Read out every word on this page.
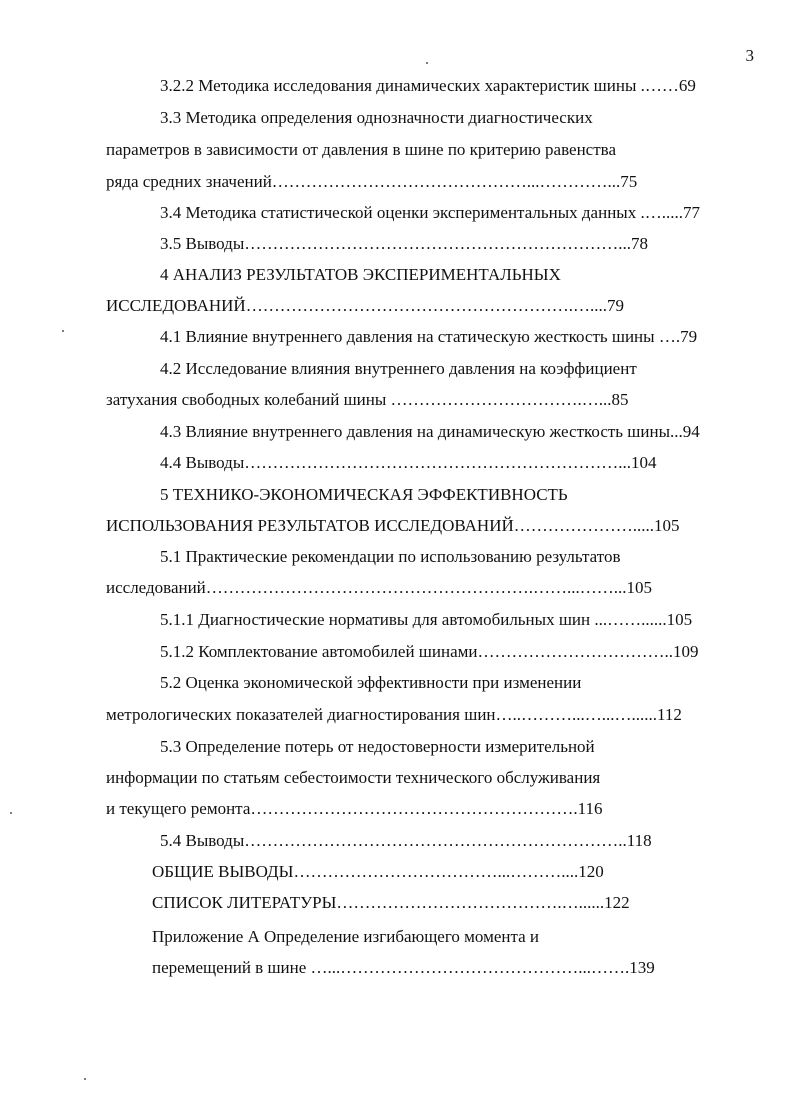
3
3.2.2 Методика исследования динамических характеристик шины .……69
3.3 Методика определения однозначности диагностических
параметров в зависимости от давления в шине по критерию равенства
ряда средних значений………………………………………...…………...75
3.4 Методика статистической оценки экспериментальных данных .….....77
3.5 Выводы…………………………………………………………...78
4 АНАЛИЗ РЕЗУЛЬТАТОВ ЭКСПЕРИМЕНТАЛЬНЫХ
ИССЛЕДОВАНИЙ………………………………………………….…....79
4.1 Влияние внутреннего давления на статическую жесткость шины ….79
4.2 Исследование влияния внутреннего давления на коэффициент
затухания свободных колебаний шины …………………………….…...85
4.3 Влияние внутреннего давления на динамическую жесткость шины...94
4.4 Выводы…………………………………………………………...104
5 ТЕХНИКО-ЭКОНОМИЧЕСКАЯ ЭФФЕКТИВНОСТЬ
ИСПОЛЬЗОВАНИЯ РЕЗУЛЬТАТОВ ИССЛЕДОВАНИЙ………………….....105
5.1 Практические рекомендации по использованию результатов
исследований………………………………………………….……...……...105
5.1.1 Диагностические нормативы для автомобильных шин ...……......105
5.1.2 Комплектование автомобилей шинами……………………………..109
5.2 Оценка экономической эффективности при изменении
метрологических показателей диагностирования шин…..………...…...…......112
5.3 Определение потерь от недостоверности измерительной
информации по статьям себестоимости технического обслуживания
и текущего ремонта………………………………………………….116
5.4 Выводы…………………………………………………………..118
ОБЩИЕ ВЫВОДЫ………………………………...………....120
СПИСОК ЛИТЕРАТУРЫ………………………………….…......122
Приложение А Определение изгибающего момента и
перемещений в шине …...……………………………………...…….139
